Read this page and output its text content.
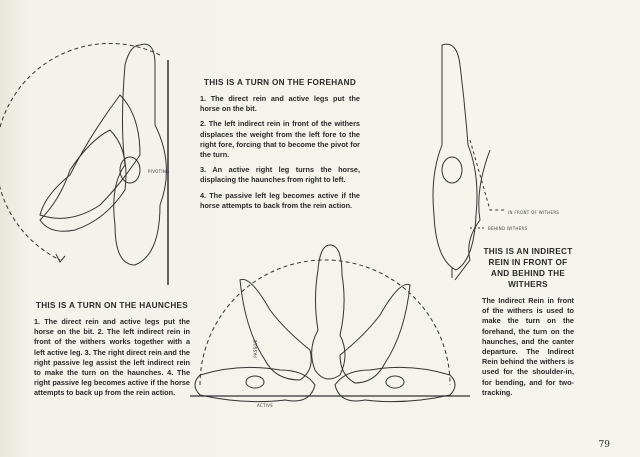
PIVOTING
IN FRONT OF WITHERS
BEHIND WITHERS
PASSIVE
ACTIVE
THIS IS A TURN ON THE FOREHAND

1. The direct rein and active legs put the horse on the bit.

2. The left indirect rein in front of the withers displaces the weight from the left fore to the right fore, forcing that to become the pivot for the turn.

3. An active right leg turns the horse, displacing the haunches from right to left.

4. The passive left leg becomes active if the horse attempts to back from the rein action.

THIS IS A TURN ON THE HAUNCHES
1. The direct rein and active legs put the horse on the bit. 2. The left indirect rein in front of the withers works together with a left active leg. 3. The right direct rein and the right passive leg assist the left indirect rein to make the turn on the haunches. 4. The right passive leg becomes active if the horse attempts to back up from the rein action.
THIS IS AN INDIRECT REIN IN FRONT OF AND BEHIND THE WITHERS
The Indirect Rein in front of the withers is used to make the turn on the forehand, the turn on the haunches, and the canter departure. The Indirect Rein behind the withers is used for the shoulder-in, for bending, and for two-tracking.
79
